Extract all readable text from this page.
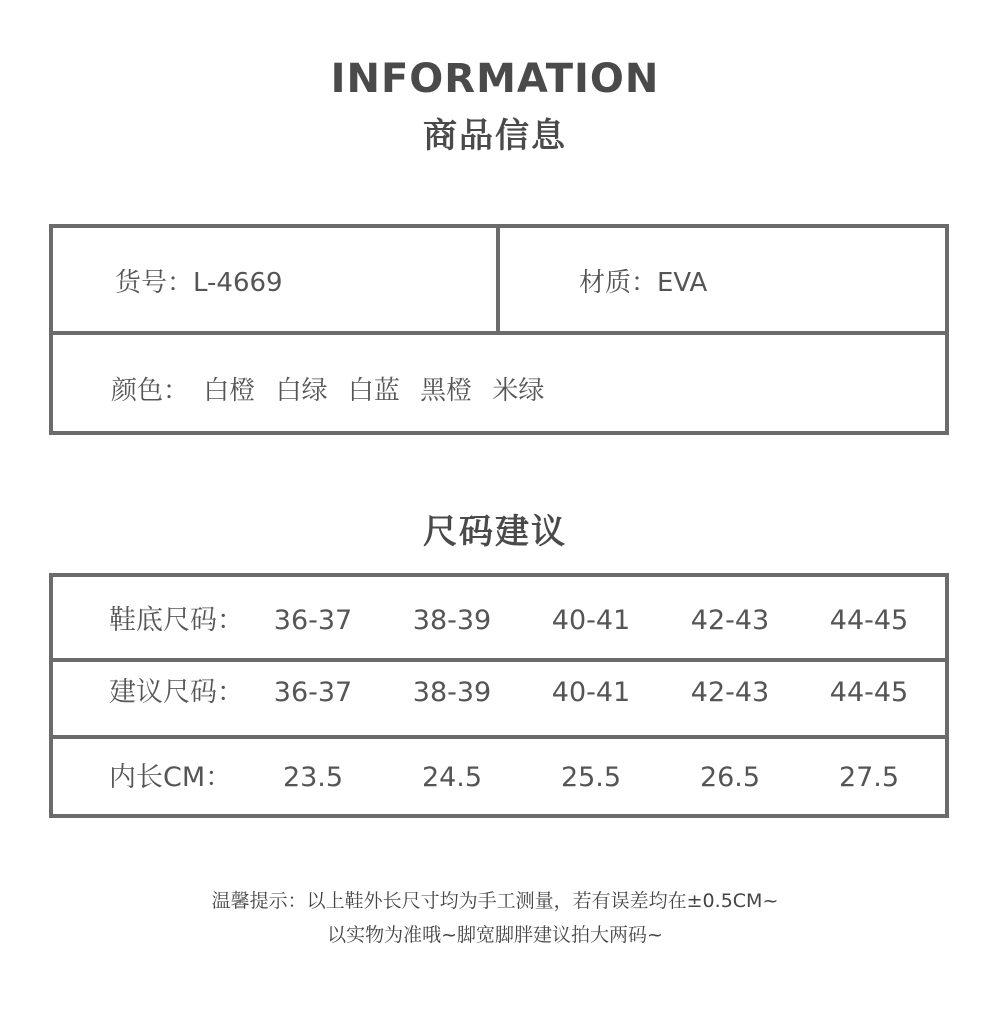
INFORMATION
商品信息
货号：L-4669	材质：EVA
颜色： 白橙 白绿 白蓝 黑橙 米绿
尺码建议
鞋底尺码：	36-37	38-39	40-41	42-43	44-45
建议尺码：	36-37	38-39	40-41	42-43	44-45
内长CM：	23.5	24.5	25.5	26.5	27.5
温馨提示：以上鞋外长尺寸均为手工测量，若有误差均在±0.5CM~
以实物为准哦~脚宽脚胖建议拍大两码~
